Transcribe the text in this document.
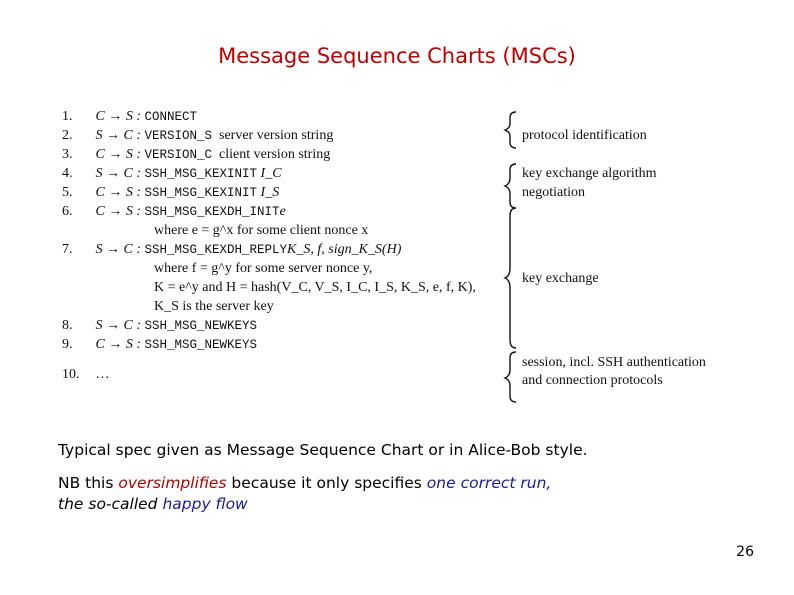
Message Sequence Charts (MSCs)
1. C → S : CONNECT
2. S → C : VERSION_S server version string
3. C → S : VERSION_C client version string
4. S → C : SSH_MSG_KEXINIT I_C
5. C → S : SSH_MSG_KEXINIT I_S
6. C → S : SSH_MSG_KEXDH_INITe
where e = g^x for some client nonce x
7. S → C : SSH_MSG_KEXDH_REPLYK_S, f, sign_K_S(H)
where f = g^y for some server nonce y,
K = e^y and H = hash(V_C, V_S, I_C, I_S, K_S, e, f, K),
K_S is the server key
8. S → C : SSH_MSG_NEWKEYS
9. C → S : SSH_MSG_NEWKEYS
10. …
protocol identification
key exchange algorithm
negotiation
key exchange
session, incl. SSH authentication
and connection protocols
Typical spec given as Message Sequence Chart or in Alice-Bob style.
NB this oversimplifies because it only specifies one correct run,
the so-called happy flow
26
